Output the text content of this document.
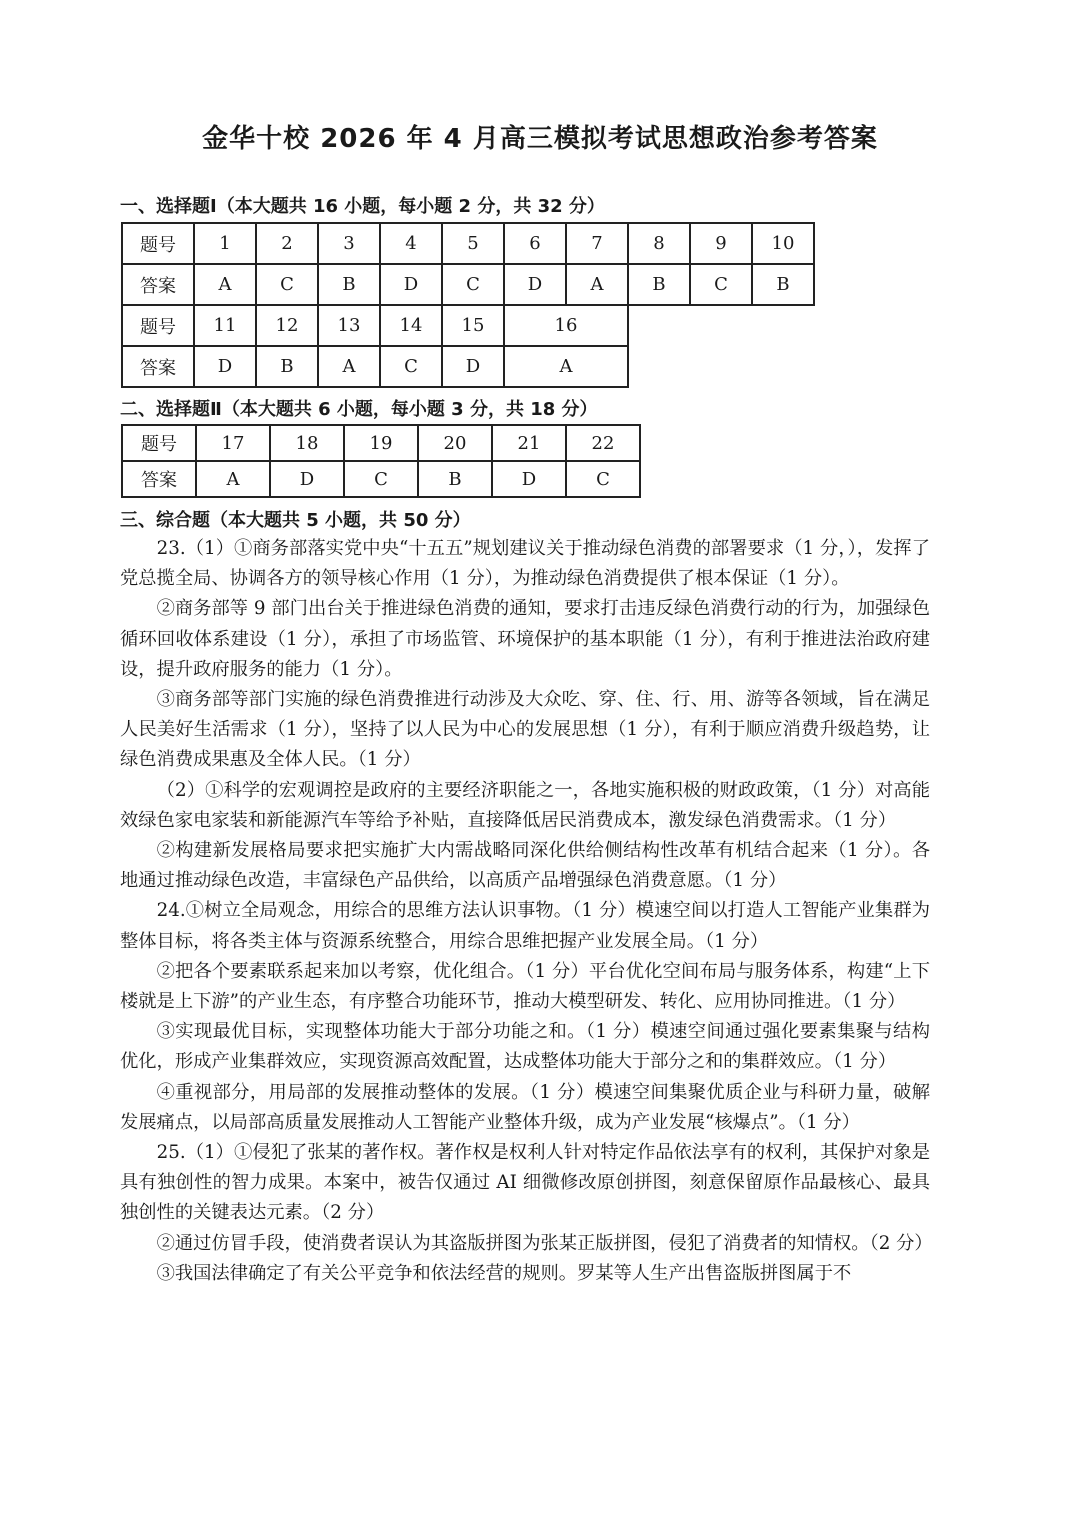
金华十校 2026 年 4 月高三模拟考试思想政治参考答案
一、选择题Ⅰ（本大题共 16 小题，每小题 2 分，共 32 分）
题号	1	2	3	4	5	6	7	8	9	10
答案	A	C	B	D	C	D	A	B	C	B
题号	11	12	13	14	15	16
答案	D	B	A	C	D	A
二、选择题Ⅱ（本大题共 6 小题，每小题 3 分，共 18 分）
题号	17	18	19	20	21	22
答案	A	D	C	B	D	C
三、综合题（本大题共 5 小题，共 50 分）

23.（1）①商务部落实党中央“十五五”规划建议关于推动绿色消费的部署要求（1 分，），发挥了党总揽全局、协调各方的领导核心作用（1 分），为推动绿色消费提供了根本保证（1 分）。

②商务部等 9 部门出台关于推进绿色消费的通知，要求打击违反绿色消费行动的行为，加强绿色循环回收体系建设（1 分），承担了市场监管、环境保护的基本职能（1 分），有利于推进法治政府建设，提升政府服务的能力（1 分）。

③商务部等部门实施的绿色消费推进行动涉及大众吃、穿、住、行、用、游等各领域，旨在满足人民美好生活需求（1 分），坚持了以人民为中心的发展思想（1 分），有利于顺应消费升级趋势，让绿色消费成果惠及全体人民。（1 分）

（2）①科学的宏观调控是政府的主要经济职能之一，各地实施积极的财政政策，（1 分）对高能效绿色家电家装和新能源汽车等给予补贴，直接降低居民消费成本，激发绿色消费需求。（1 分）

②构建新发展格局要求把实施扩大内需战略同深化供给侧结构性改革有机结合起来（1 分）。各地通过推动绿色改造，丰富绿色产品供给，以高质产品增强绿色消费意愿。（1 分）

24.①树立全局观念，用综合的思维方法认识事物。（1 分）模速空间以打造人工智能产业集群为整体目标，将各类主体与资源系统整合，用综合思维把握产业发展全局。（1 分）

②把各个要素联系起来加以考察，优化组合。（1 分）平台优化空间布局与服务体系，构建“上下楼就是上下游”的产业生态，有序整合功能环节，推动大模型研发、转化、应用协同推进。（1 分）

③实现最优目标，实现整体功能大于部分功能之和。（1 分）模速空间通过强化要素集聚与结构优化，形成产业集群效应，实现资源高效配置，达成整体功能大于部分之和的集群效应。（1 分）

④重视部分，用局部的发展推动整体的发展。（1 分）模速空间集聚优质企业与科研力量，破解发展痛点，以局部高质量发展推动人工智能产业整体升级，成为产业发展“核爆点”。（1 分）

25.（1）①侵犯了张某的著作权。著作权是权利人针对特定作品依法享有的权利，其保护对象是具有独创性的智力成果。本案中，被告仅通过 AI 细微修改原创拼图，刻意保留原作品最核心、最具独创性的关键表达元素。（2 分）

②通过仿冒手段，使消费者误认为其盗版拼图为张某正版拼图，侵犯了消费者的知情权。（2 分）

③我国法律确定了有关公平竞争和依法经营的规则。罗某等人生产出售盗版拼图属于不
